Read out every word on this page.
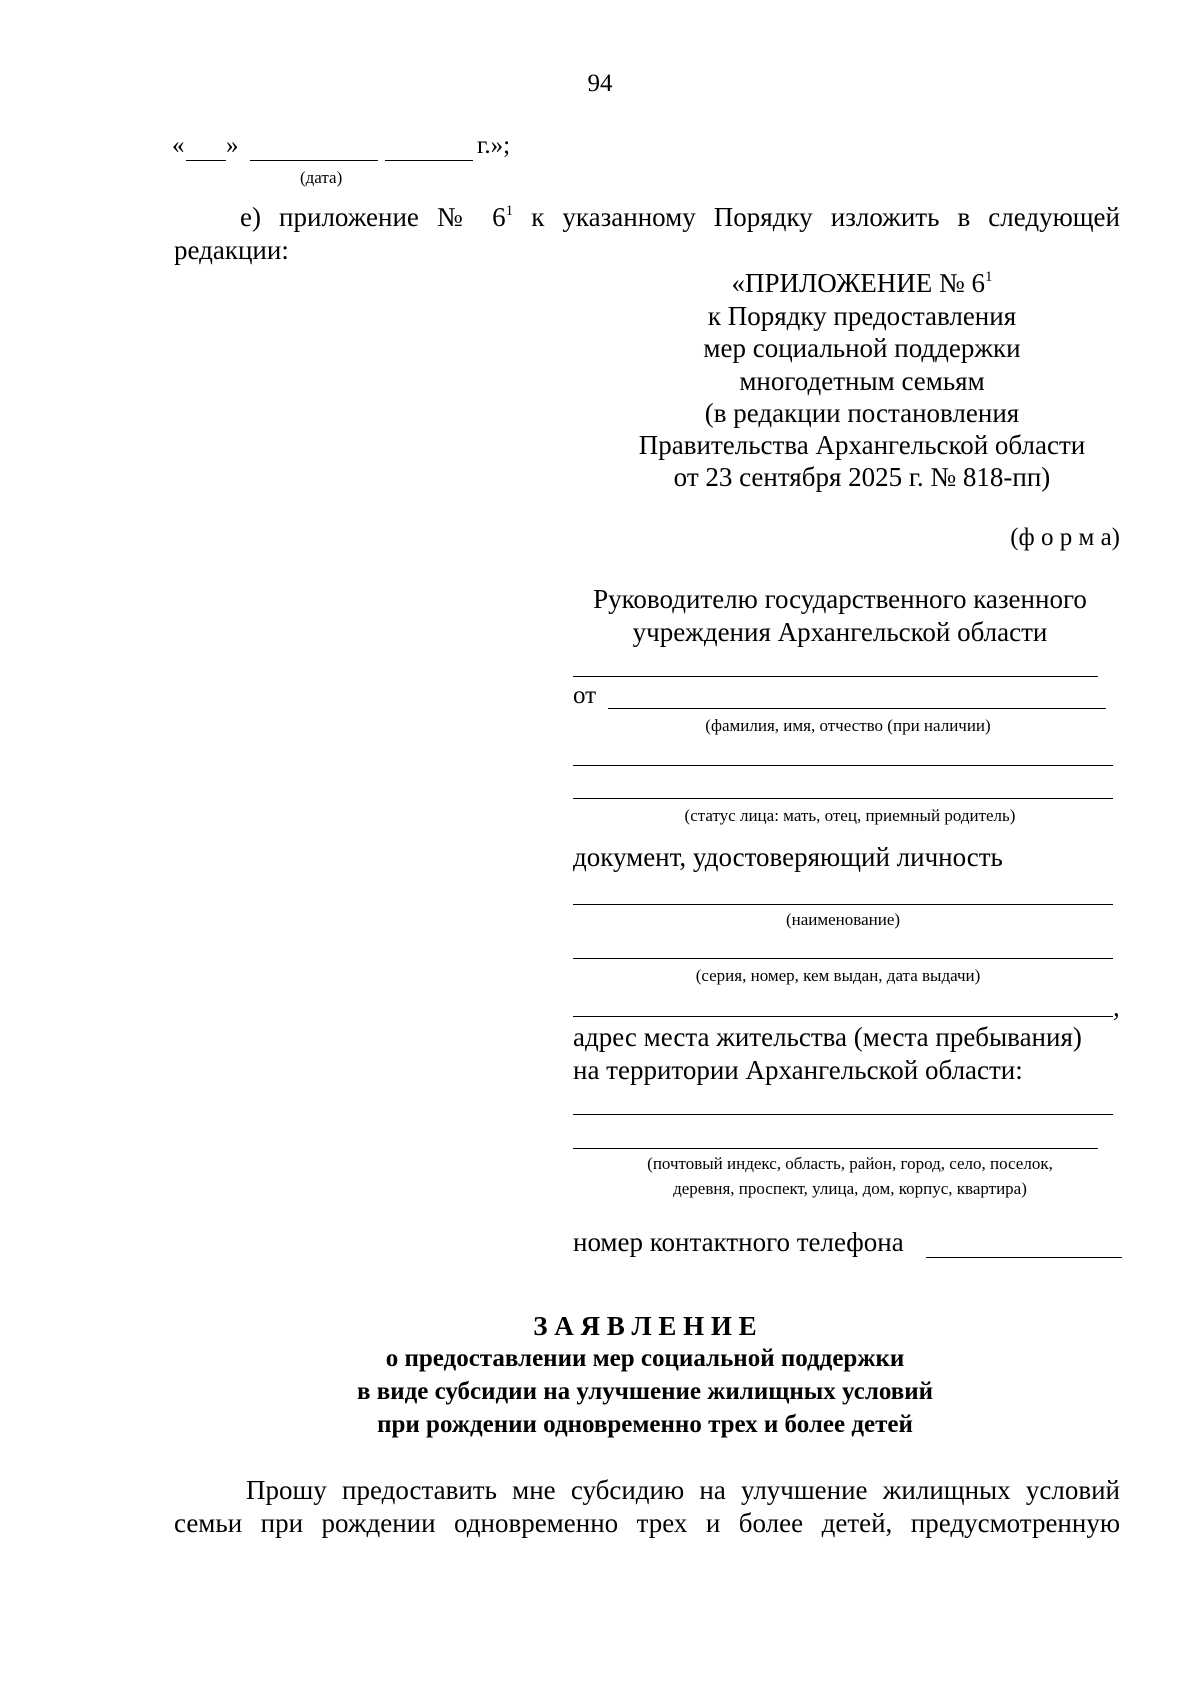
94
« »	г.»;
(дата)
е) приложение № $6^1$ к указанному Порядку изложить в следующей
редакции:
«ПРИЛОЖЕНИЕ № $6^1$
к Порядку предоставления
мер социальной поддержки
многодетным семьям
(в редакции постановления
Правительства Архангельской области
от 23 сентября 2025 г. № 818-пп)
(ф о р м а)
Руководителю государственного казенного
учреждения Архангельской области
от
(фамилия, имя, отчество (при наличии)
(статус лица: мать, отец, приемный родитель)
документ, удостоверяющий личность
(наименование)
(серия, номер, кем выдан, дата выдачи)
,
адрес места жительства (места пребывания)
на территории Архангельской области:
(почтовый индекс, область, район, город, село, поселок,
деревня, проспект, улица, дом, корпус, квартира)
номер контактного телефона
З А Я В Л Е Н И Е
о предоставлении мер социальной поддержки
в виде субсидии на улучшение жилищных условий
при рождении одновременно трех и более детей
Прошу предоставить мне субсидию на улучшение жилищных условий
семьи при рождении одновременно трех и более детей, предусмотренную
